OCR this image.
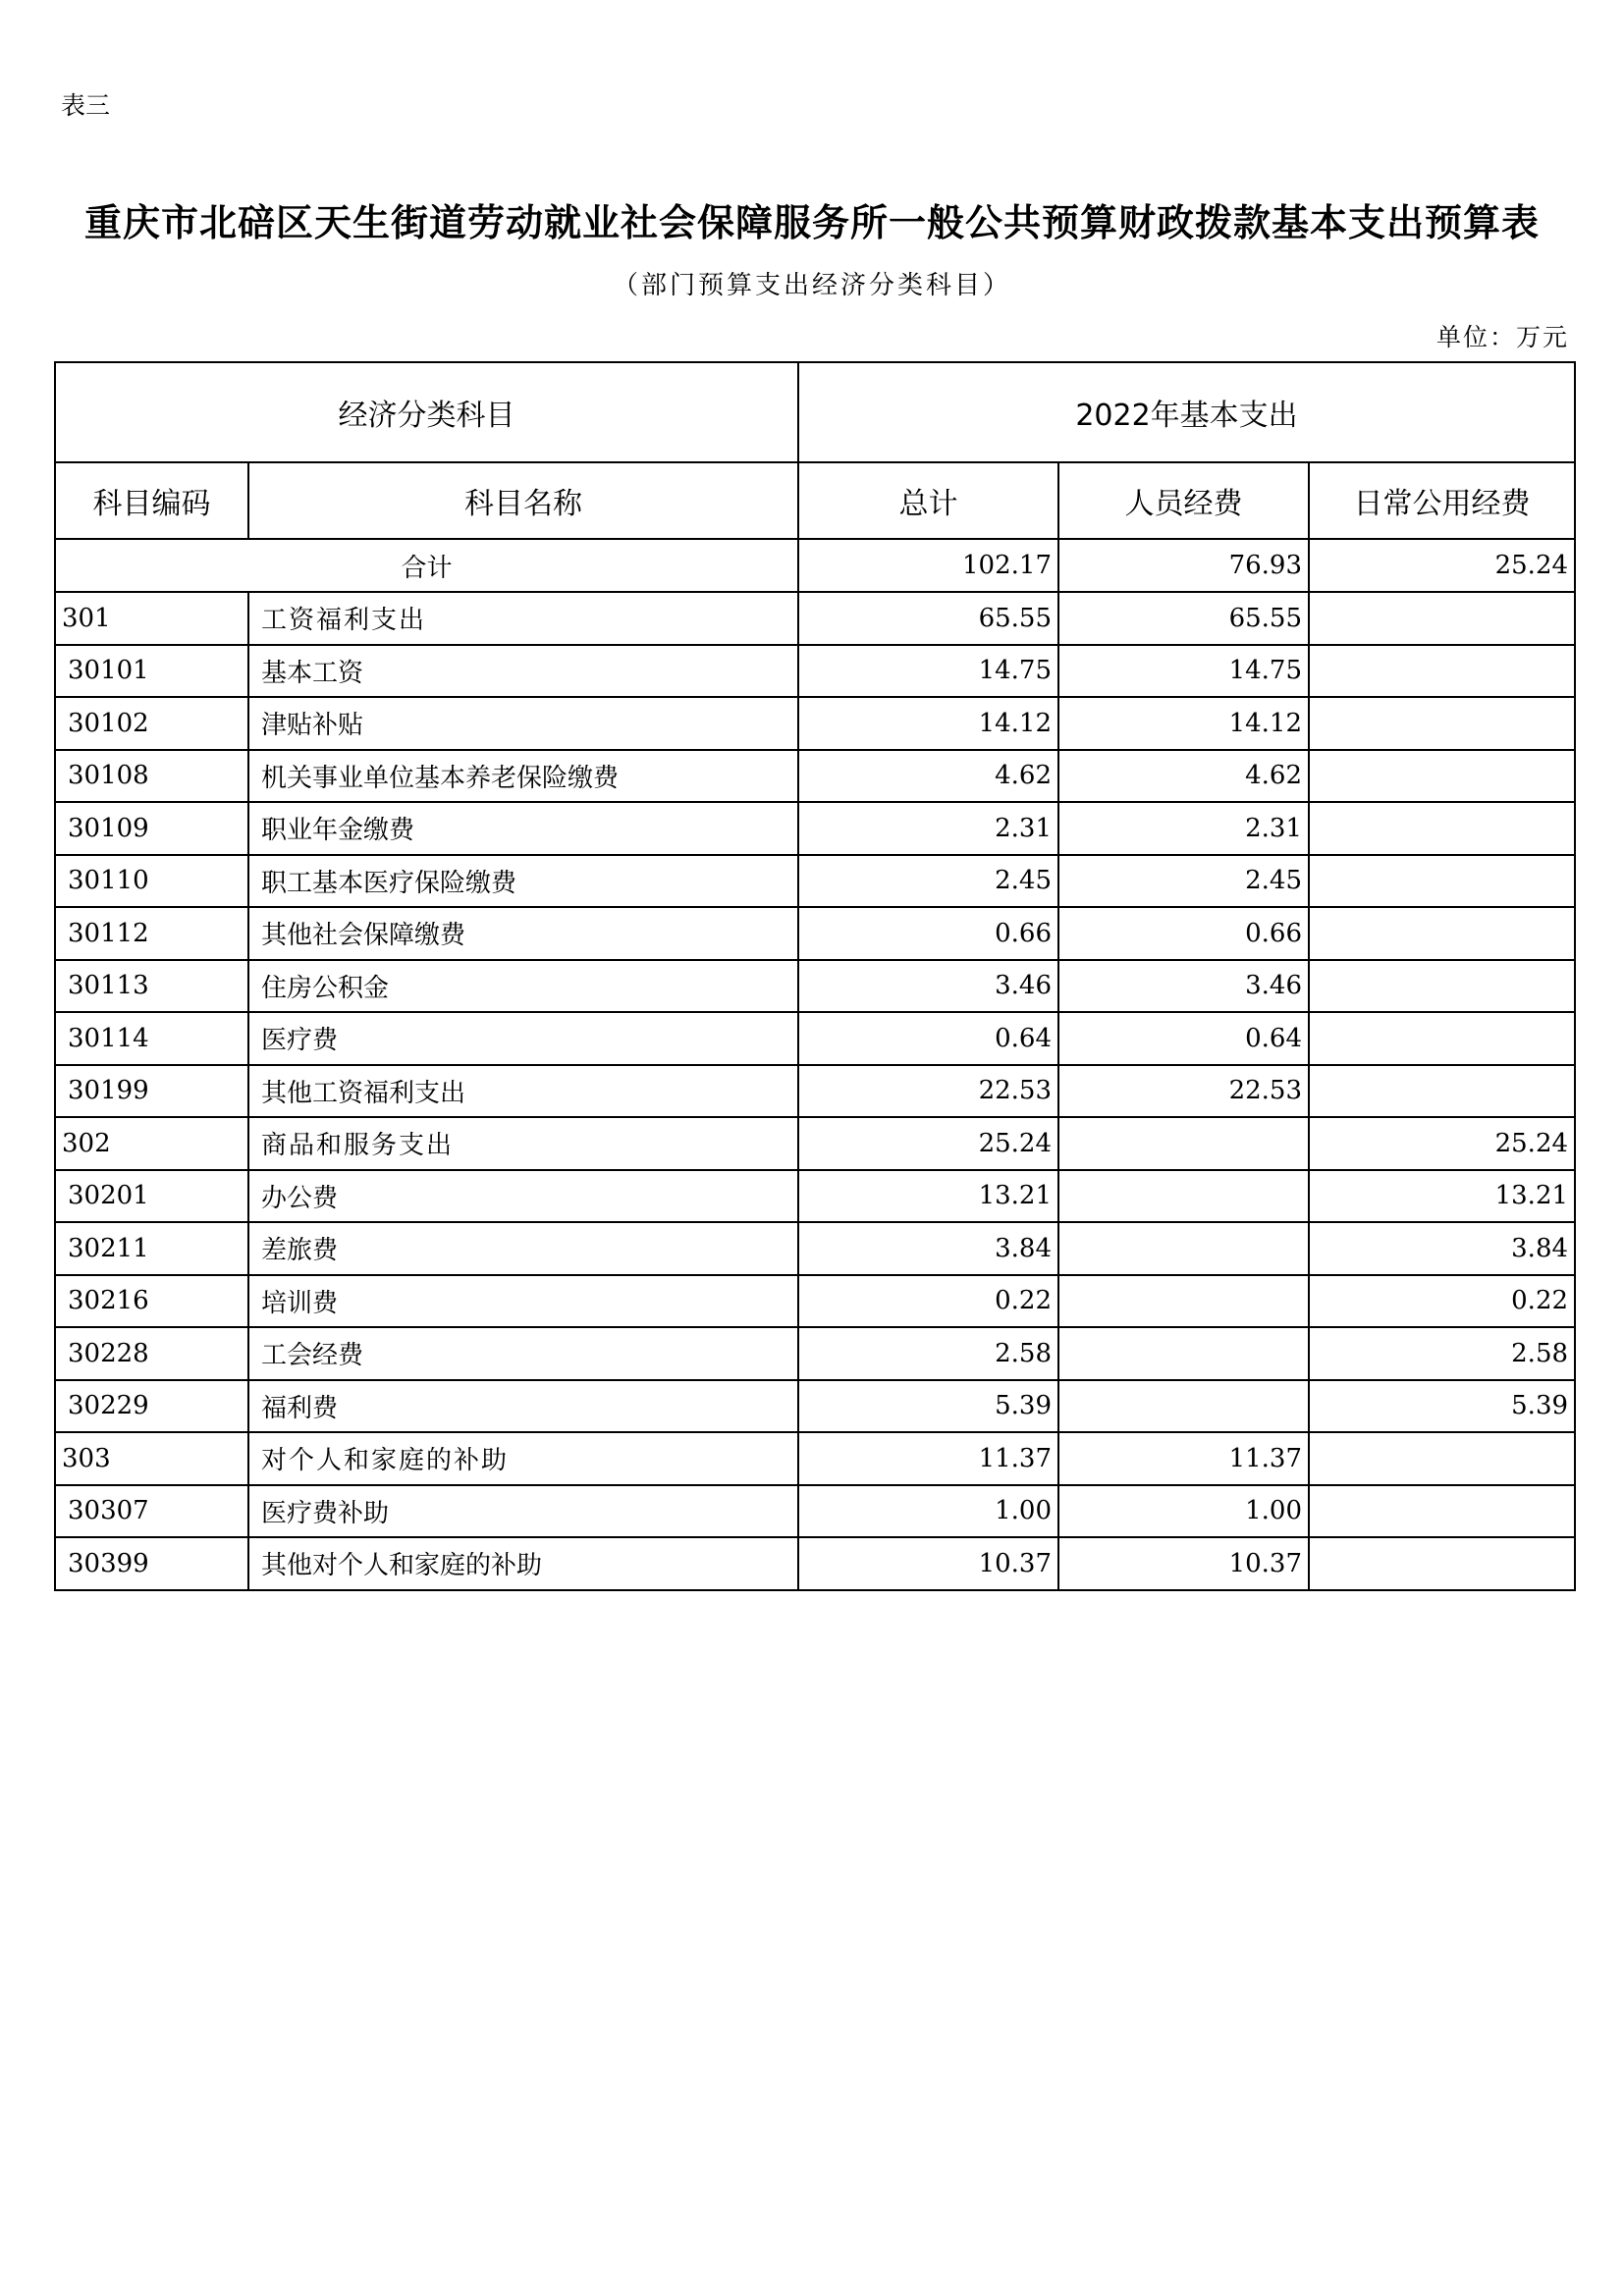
表三
重庆市北碚区天生街道劳动就业社会保障服务所一般公共预算财政拨款基本支出预算表
（部门预算支出经济分类科目）
单位：万元
经济分类科目		2022年基本支出		
科目编码	科目名称	总计	人员经费	日常公用经费
合计		102.17	76.93	25.24
301	工资福利支出	65.55	65.55	
30101	基本工资	14.75	14.75	
30102	津贴补贴	14.12	14.12	
30108	机关事业单位基本养老保险缴费	4.62	4.62	
30109	职业年金缴费	2.31	2.31	
30110	职工基本医疗保险缴费	2.45	2.45	
30112	其他社会保障缴费	0.66	0.66	
30113	住房公积金	3.46	3.46	
30114	医疗费	0.64	0.64	
30199	其他工资福利支出	22.53	22.53	
302	商品和服务支出	25.24		25.24
30201	办公费	13.21		13.21
30211	差旅费	3.84		3.84
30216	培训费	0.22		0.22
30228	工会经费	2.58		2.58
30229	福利费	5.39		5.39
303	对个人和家庭的补助	11.37	11.37	
30307	医疗费补助	1.00	1.00	
30399	其他对个人和家庭的补助	10.37	10.37	
